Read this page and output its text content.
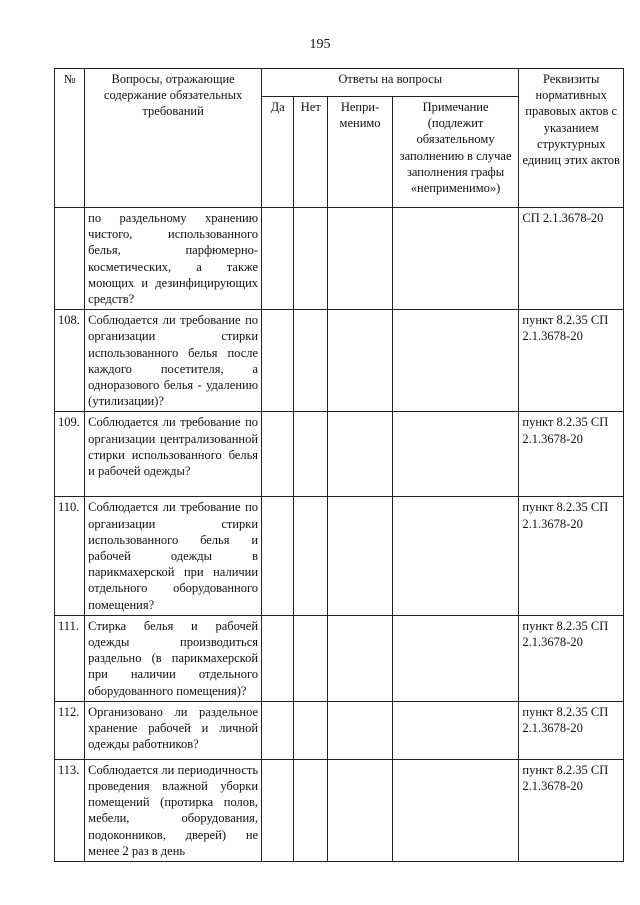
195
№	Вопросы, отражающие содержание обязательных требований	Ответы на вопросы				Реквизиты нормативных правовых актов с указанием структурных единиц этих актов
		Да	Нет	Непри-менимо	Примечание (подлежит обязательному заполнению в случае заполнения графы «неприменимо»)	
	по раздельному хранению чистого, использованного белья, парфюмерно-косметических, а также моющих и дезинфицирующих средств?					СП 2.1.3678-20
108.	Соблюдается ли требование по организации стирки использованного белья после каждого посетителя, а одноразового белья - удалению (утилизации)?					пункт 8.2.35 СП 2.1.3678-20
109.	Соблюдается ли требование по организации централизованной стирки использованного белья и рабочей одежды?					пункт 8.2.35 СП 2.1.3678-20
110.	Соблюдается ли требование по организации стирки использованного белья и рабочей одежды в парикмахерской при наличии отдельного оборудованного помещения?					пункт 8.2.35 СП 2.1.3678-20
111.	Стирка белья и рабочей одежды производиться раздельно (в парикмахерской при наличии отдельного оборудованного помещения)?					пункт 8.2.35 СП 2.1.3678-20
112.	Организовано ли раздельное хранение рабочей и личной одежды работников?					пункт 8.2.35 СП 2.1.3678-20
113.	Соблюдается ли периодичность проведения влажной уборки помещений (протирка полов, мебели, оборудования, подоконников, дверей) не менее 2 раз в день					пункт 8.2.35 СП 2.1.3678-20
